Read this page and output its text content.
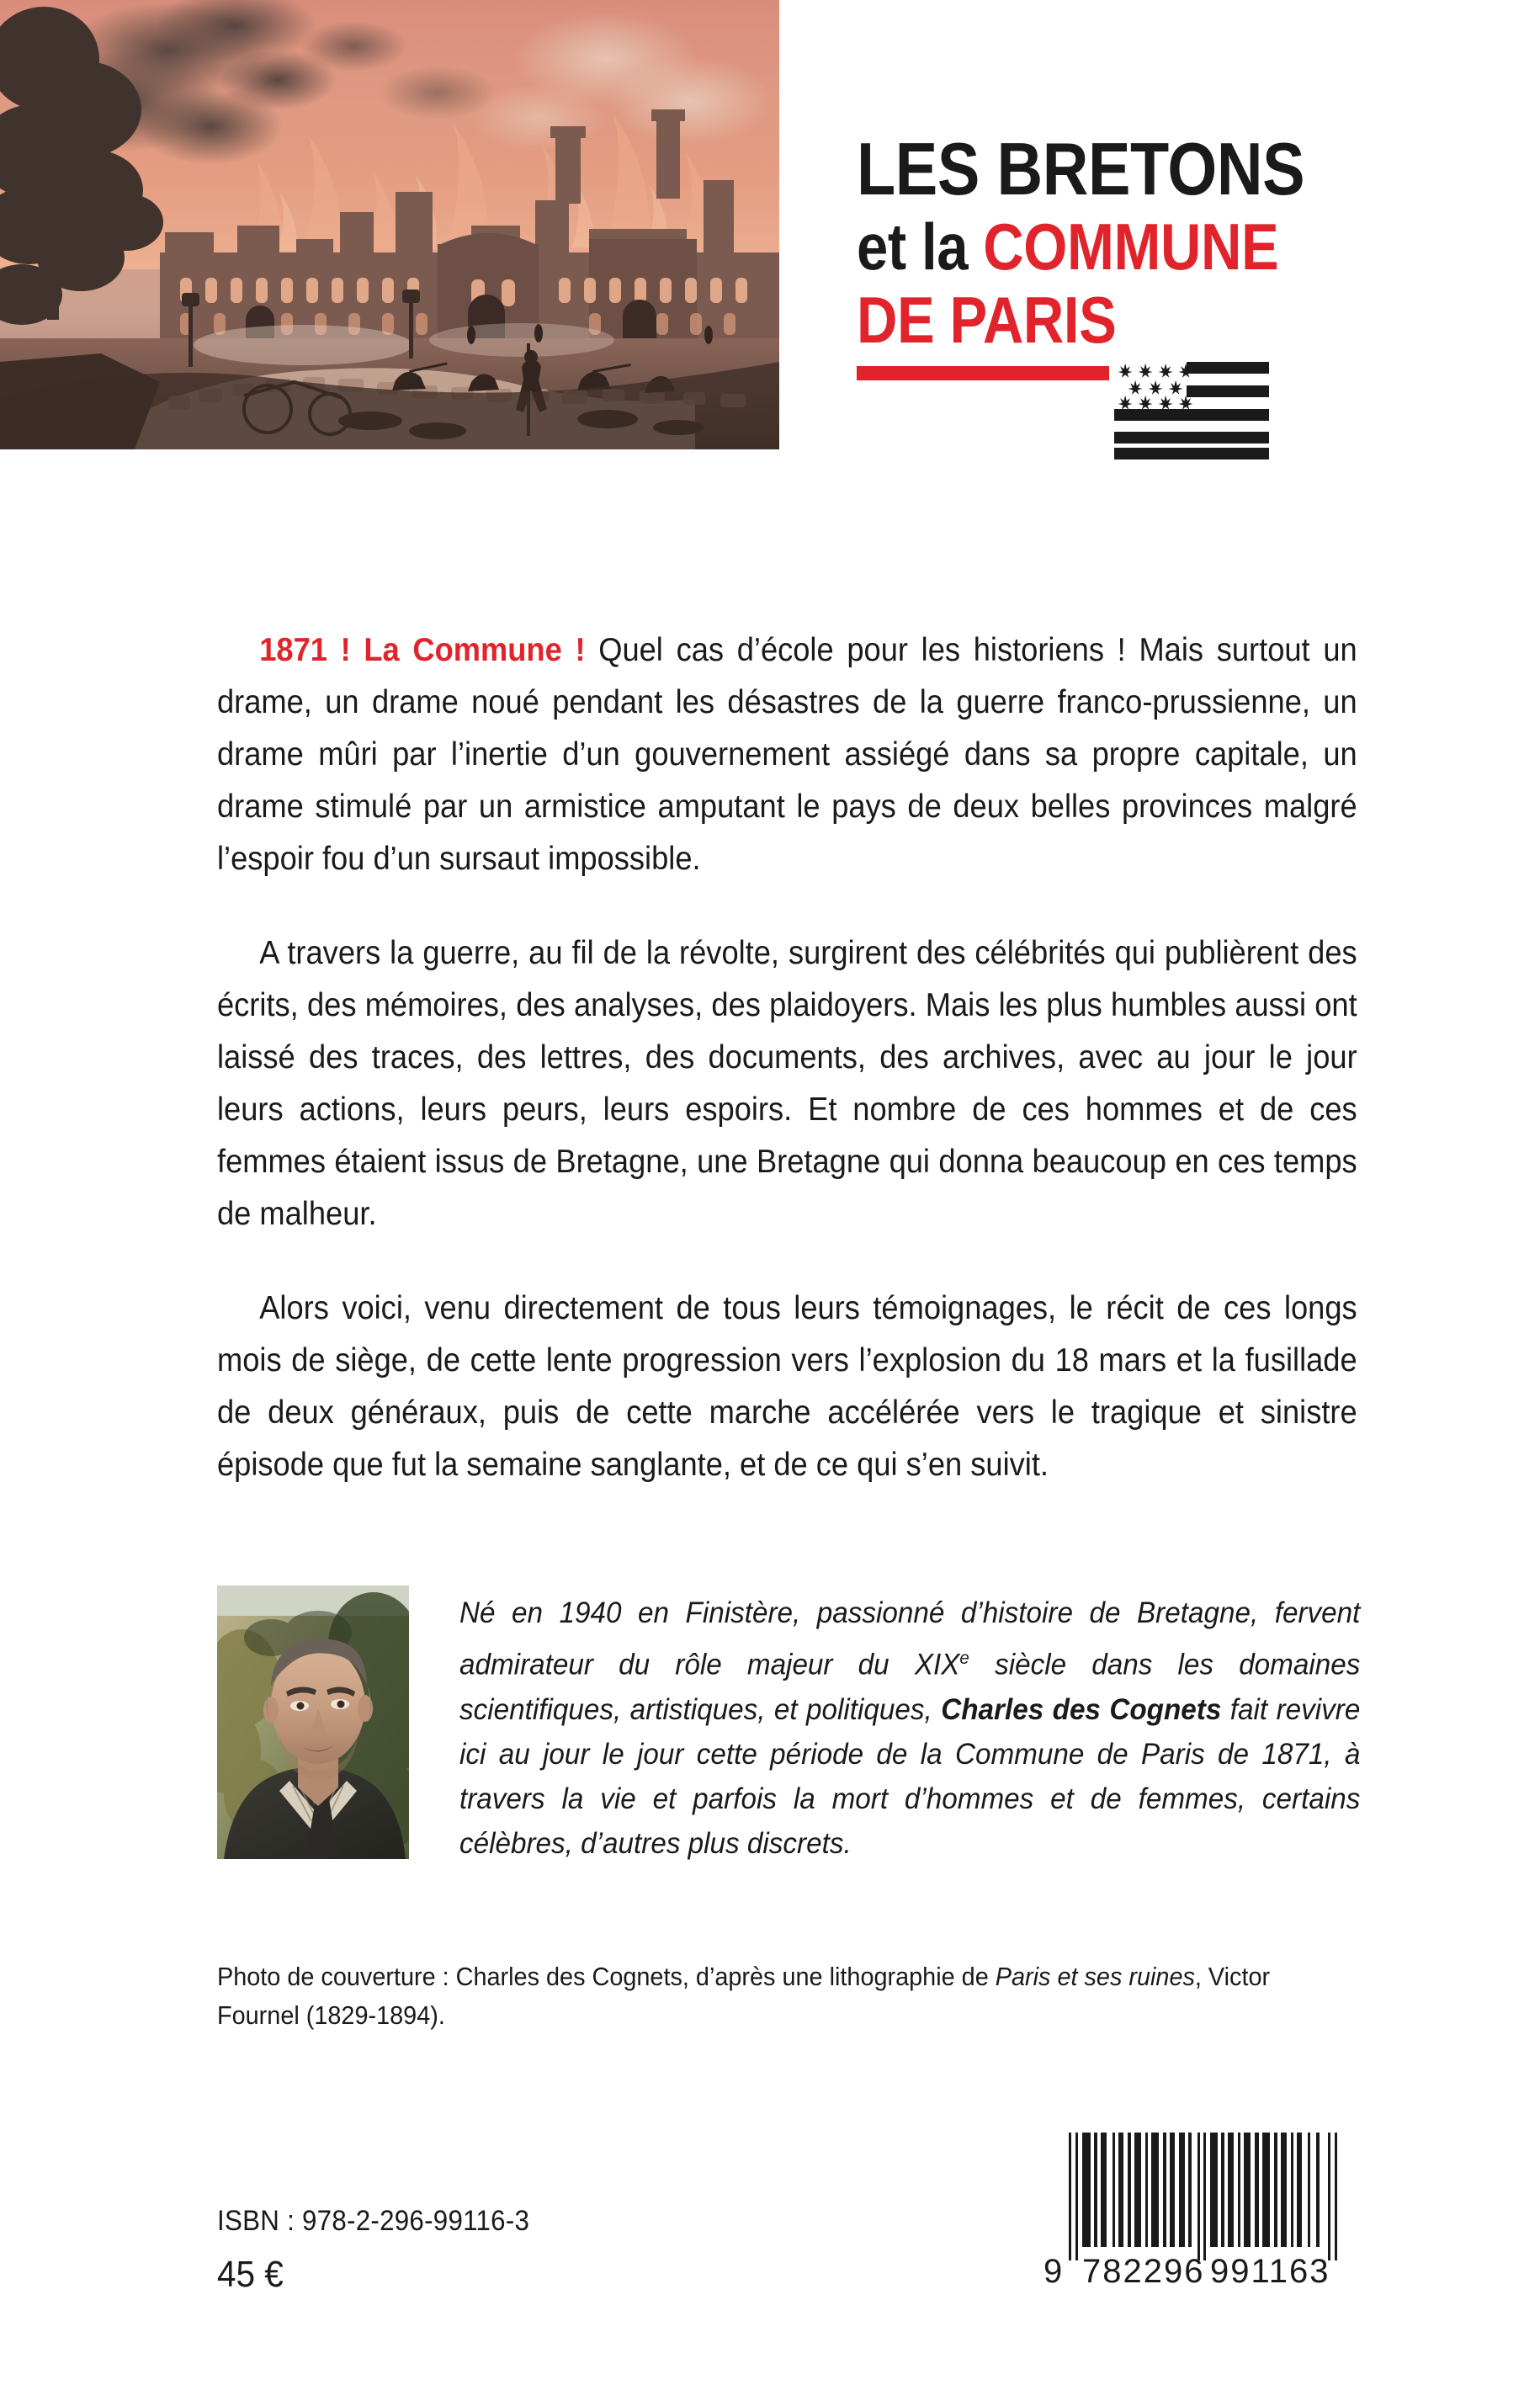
LES BRETONS
et la COMMUNE
DE PARIS

1871 ! La Commune ! Quel cas d’école pour les historiens ! Mais surtout un drame, un drame noué pendant les désastres de la guerre franco-prussienne, un drame mûri par l’inertie d’un gouvernement assiégé dans sa propre capitale, un drame stimulé par un armistice amputant le pays de deux belles provinces malgré l’espoir fou d’un sursaut impossible.

A travers la guerre, au fil de la révolte, surgirent des célébrités qui publièrent des écrits, des mémoires, des analyses, des plaidoyers. Mais les plus humbles aussi ont laissé des traces, des lettres, des documents, des archives, avec au jour le jour leurs actions, leurs peurs, leurs espoirs. Et nombre de ces hommes et de ces femmes étaient issus de Bretagne, une Bretagne qui donna beaucoup en ces temps de malheur.

Alors voici, venu directement de tous leurs témoignages, le récit de ces longs mois de siège, de cette lente progression vers l’explosion du 18 mars et la fusillade de deux généraux, puis de cette marche accélérée vers le tragique et sinistre épisode que fut la semaine sanglante, et de ce qui s’en suivit.

Né en 1940 en Finistère, passionné d’histoire de Bretagne, fervent admirateur du rôle majeur du XIXe siècle dans les domaines scientifiques, artistiques, et politiques, Charles des Cognets fait revivre ici au jour le jour cette période de la Commune de Paris de 1871, à travers la vie et parfois la mort d’hommes et de femmes, certains célèbres, d’autres plus discrets.

Photo de couverture : Charles des Cognets, d’après une lithographie de Paris et ses ruines, Victor Fournel (1829-1894).

ISBN : 978-2-296-99116-3
45 €	9 782296 991163
